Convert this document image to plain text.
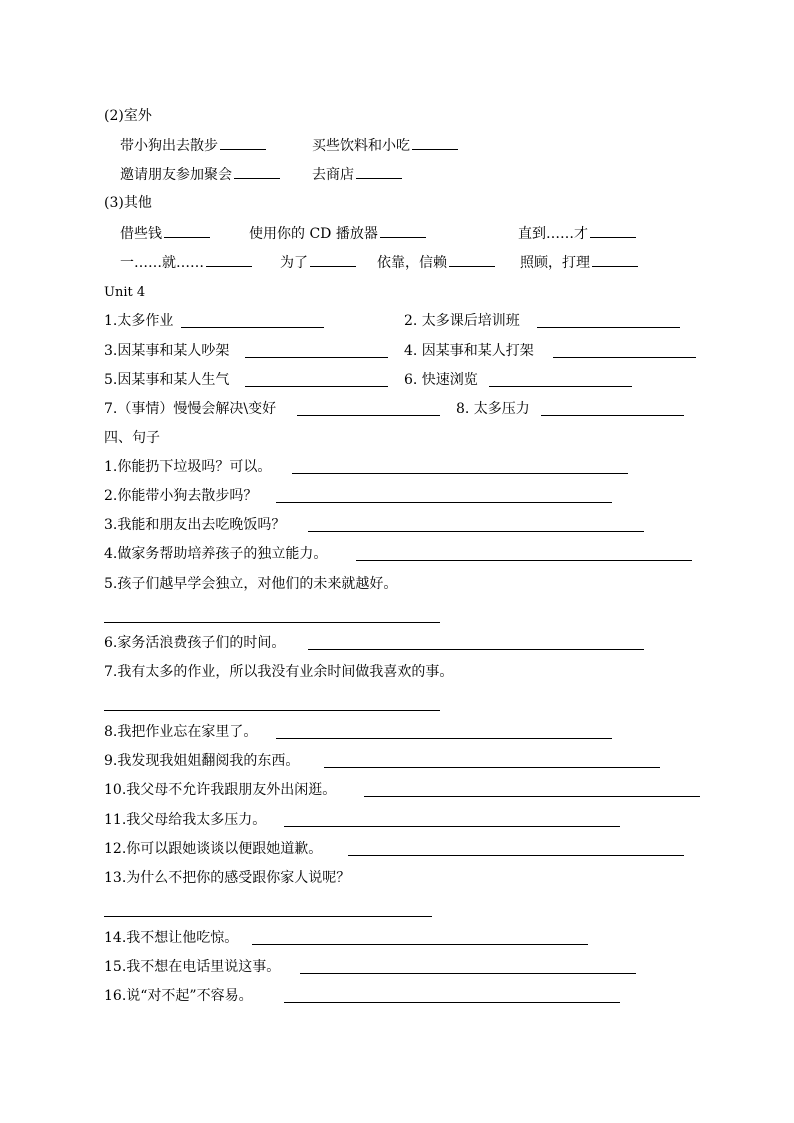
(2)室外
带小狗出去散步	买些饮料和小吃
邀请朋友参加聚会	去商店
(3)其他
借些钱	使用你的 CD 播放器	直到……才
一……就……	为了	依靠，信赖	照顾，打理
Unit 4
1.太多作业	2. 太多课后培训班
3.因某事和某人吵架	4. 因某事和某人打架
5.因某事和某人生气	6. 快速浏览
7.（事情）慢慢会解决\变好	8. 太多压力
四、句子
1.你能扔下垃圾吗？可以。
2.你能带小狗去散步吗？
3.我能和朋友出去吃晚饭吗？
4.做家务帮助培养孩子的独立能力。
5.孩子们越早学会独立，对他们的未来就越好。
6.家务活浪费孩子们的时间。
7.我有太多的作业，所以我没有业余时间做我喜欢的事。
8.我把作业忘在家里了。
9.我发现我姐姐翻阅我的东西。
10.我父母不允许我跟朋友外出闲逛。
11.我父母给我太多压力。
12.你可以跟她谈谈以便跟她道歉。
13.为什么不把你的感受跟你家人说呢？
14.我不想让他吃惊。
15.我不想在电话里说这事。
16.说“对不起”不容易。
